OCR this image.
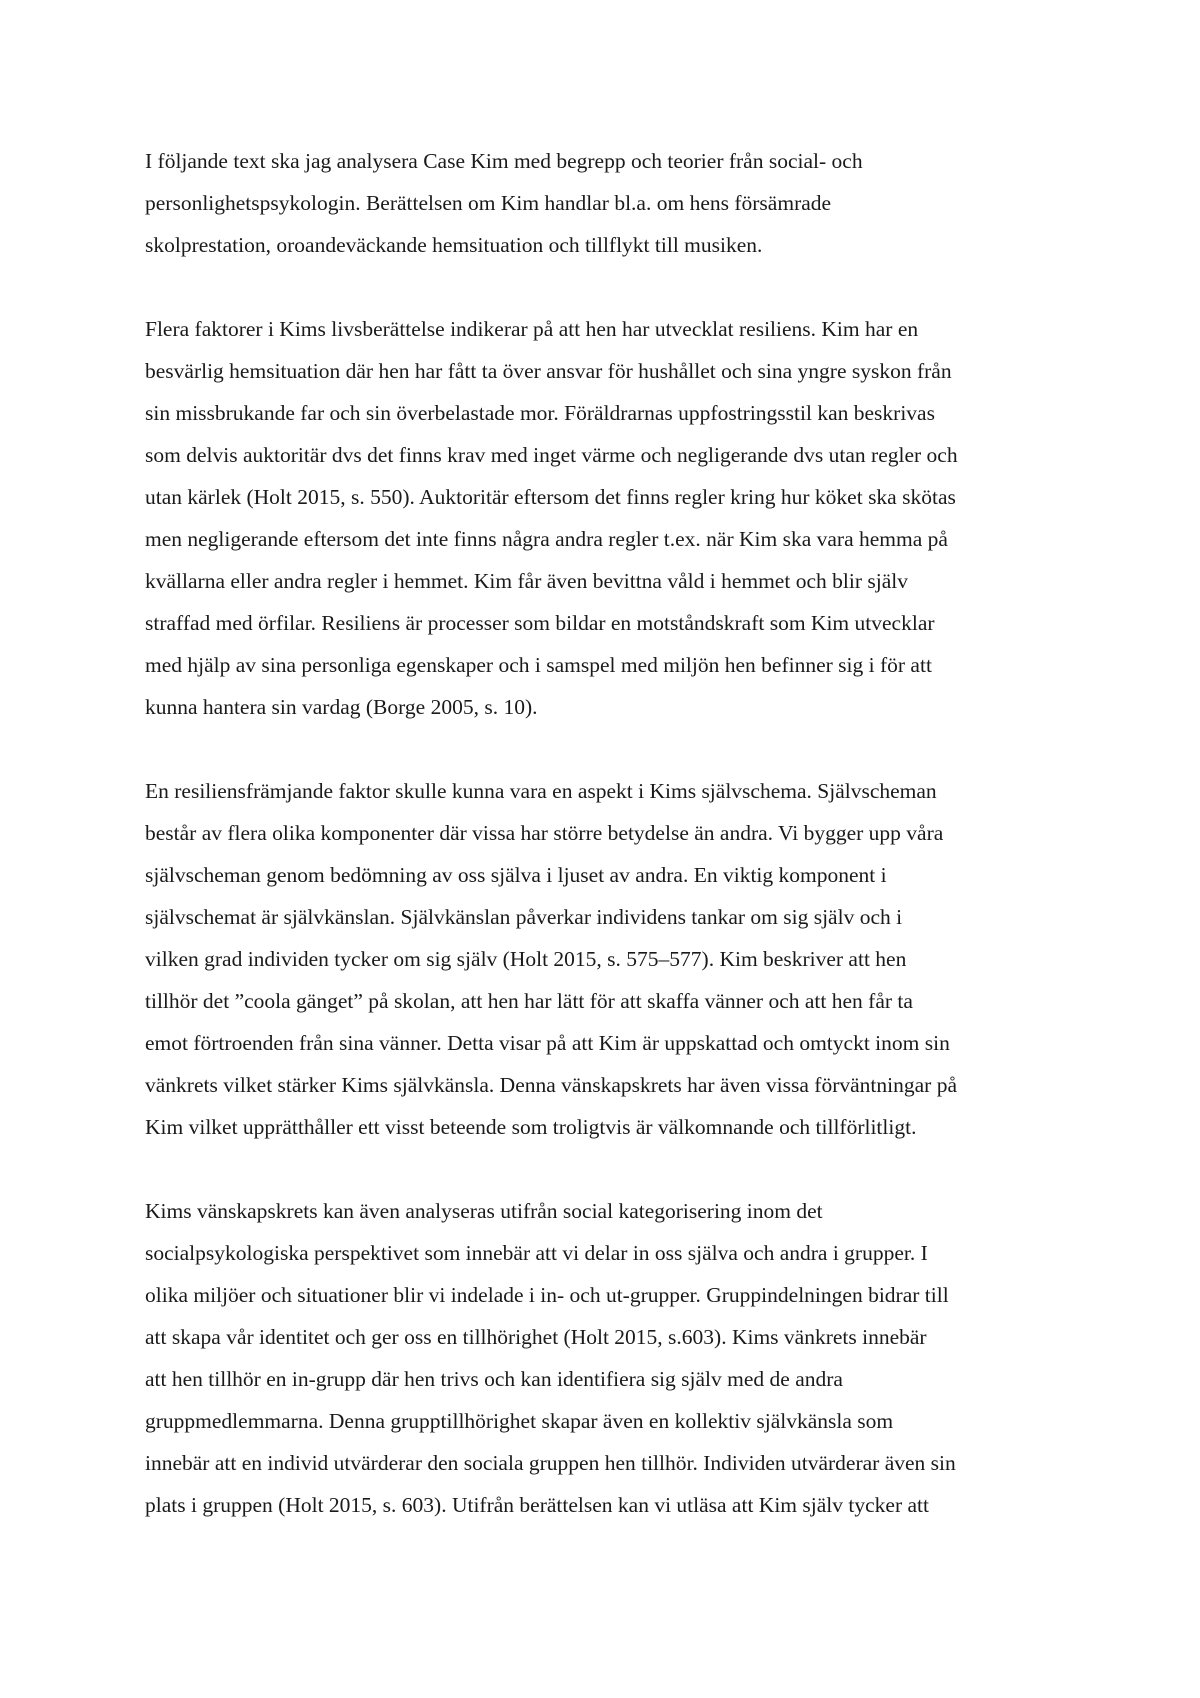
I följande text ska jag analysera Case Kim med begrepp och teorier från social- och
personlighetspsykologin. Berättelsen om Kim handlar bl.a. om hens försämrade
skolprestation, oroandeväckande hemsituation och tillflykt till musiken.
Flera faktorer i Kims livsberättelse indikerar på att hen har utvecklat resiliens. Kim har en
besvärlig hemsituation där hen har fått ta över ansvar för hushållet och sina yngre syskon från
sin missbrukande far och sin överbelastade mor. Föräldrarnas uppfostringsstil kan beskrivas
som delvis auktoritär dvs det finns krav med inget värme och negligerande dvs utan regler och
utan kärlek (Holt 2015, s. 550). Auktoritär eftersom det finns regler kring hur köket ska skötas
men negligerande eftersom det inte finns några andra regler t.ex. när Kim ska vara hemma på
kvällarna eller andra regler i hemmet. Kim får även bevittna våld i hemmet och blir själv
straffad med örfilar. Resiliens är processer som bildar en motståndskraft som Kim utvecklar
med hjälp av sina personliga egenskaper och i samspel med miljön hen befinner sig i för att
kunna hantera sin vardag (Borge 2005, s. 10).
En resiliensfrämjande faktor skulle kunna vara en aspekt i Kims självschema. Självscheman
består av flera olika komponenter där vissa har större betydelse än andra. Vi bygger upp våra
självscheman genom bedömning av oss själva i ljuset av andra. En viktig komponent i
självschemat är självkänslan. Självkänslan påverkar individens tankar om sig själv och i
vilken grad individen tycker om sig själv (Holt 2015, s. 575–577). Kim beskriver att hen
tillhör det ”coola gänget” på skolan, att hen har lätt för att skaffa vänner och att hen får ta
emot förtroenden från sina vänner. Detta visar på att Kim är uppskattad och omtyckt inom sin
vänkrets vilket stärker Kims självkänsla. Denna vänskapskrets har även vissa förväntningar på
Kim vilket upprätthåller ett visst beteende som troligtvis är välkomnande och tillförlitligt.
Kims vänskapskrets kan även analyseras utifrån social kategorisering inom det
socialpsykologiska perspektivet som innebär att vi delar in oss själva och andra i grupper. I
olika miljöer och situationer blir vi indelade i in- och ut-grupper. Gruppindelningen bidrar till
att skapa vår identitet och ger oss en tillhörighet (Holt 2015, s.603). Kims vänkrets innebär
att hen tillhör en in-grupp där hen trivs och kan identifiera sig själv med de andra
gruppmedlemmarna. Denna grupptillhörighet skapar även en kollektiv självkänsla som
innebär att en individ utvärderar den sociala gruppen hen tillhör. Individen utvärderar även sin
plats i gruppen (Holt 2015, s. 603). Utifrån berättelsen kan vi utläsa att Kim själv tycker att
